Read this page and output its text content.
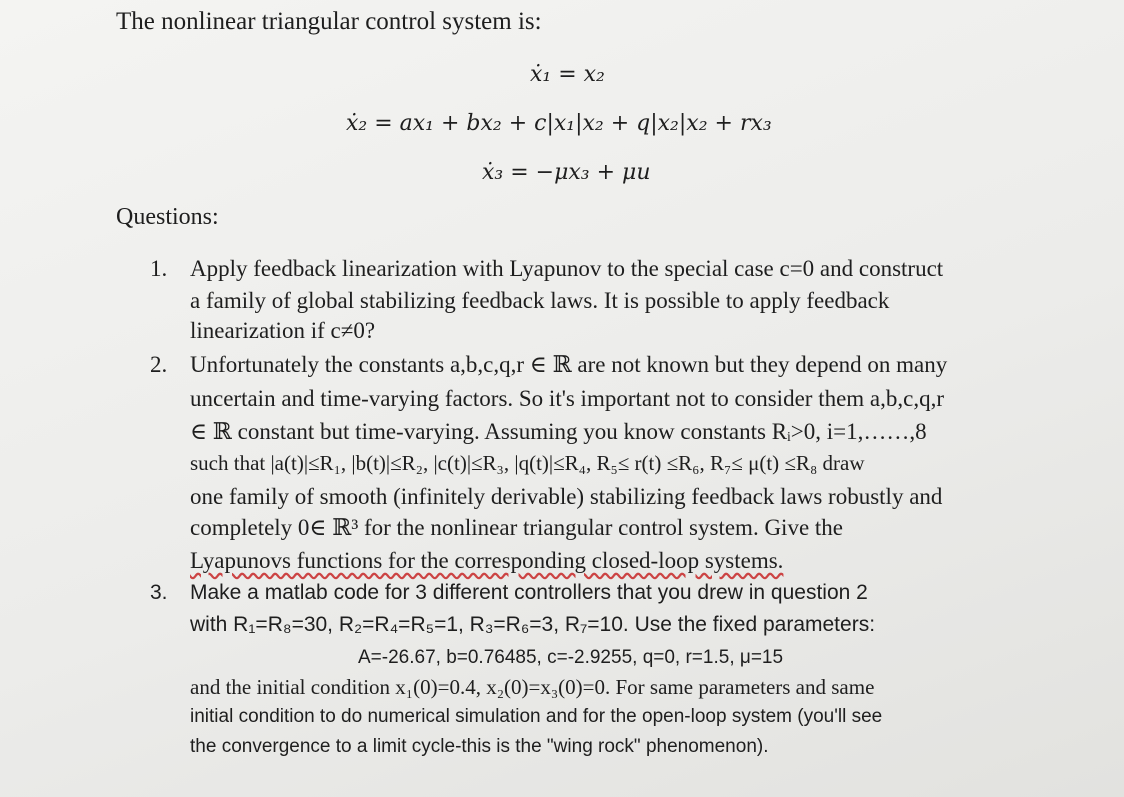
The nonlinear triangular control system is:
ẋ₁ = x₂
ẋ₂ = ax₁ + bx₂ + c|x₁|x₂ + q|x₂|x₂ + rx₃
ẋ₃ = −μx₃ + μu
Questions:
1. Apply feedback linearization with Lyapunov to the special case c=0 and construct
a family of global stabilizing feedback laws. It is possible to apply feedback
linearization if c≠0?
2. Unfortunately the constants a,b,c,q,r ∈ ℝ are not known but they depend on many
uncertain and time-varying factors. So it's important not to consider them a,b,c,q,r
∈ ℝ constant but time-varying. Assuming you know constants Rᵢ>0, i=1,……,8
such that |a(t)|≤R₁, |b(t)|≤R₂, |c(t)|≤R₃, |q(t)|≤R₄, R₅≤ r(t) ≤R₆, R₇≤ μ(t) ≤R₈ draw
one family of smooth (infinitely derivable) stabilizing feedback laws robustly and
completely 0∈ ℝ³ for the nonlinear triangular control system. Give the
Lyapunovs functions for the corresponding closed-loop systems.
3. Make a matlab code for 3 different controllers that you drew in question 2
with R₁=R₈=30, R₂=R₄=R₅=1, R₃=R₆=3, R₇=10. Use the fixed parameters:
A=-26.67, b=0.76485, c=-2.9255, q=0, r=1.5, μ=15
and the initial condition x₁(0)=0.4, x₂(0)=x₃(0)=0. For same parameters and same
initial condition to do numerical simulation and for the open-loop system (you'll see
the convergence to a limit cycle-this is the "wing rock" phenomenon).
